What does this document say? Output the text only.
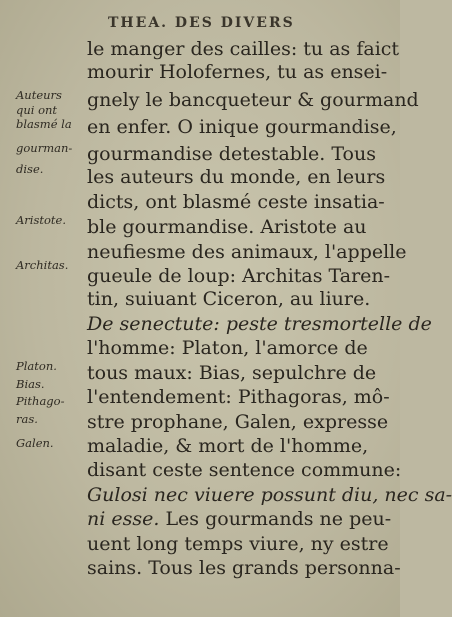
THEA. DES DIVERS
le manger des cailles: tu as faict
mourir Holofernes, tu as ensei-
gnely le bancqueteur & gourmand
en enfer. O inique gourmandise,
gourmandise detestable. Tous
les auteurs du monde, en leurs
dicts, ont blasmé ceste insatia-
ble gourmandise. Aristote au
neufiesme des animaux, l'appelle
gueule de loup: Architas Taren-
tin, suiuant Ciceron, au liure.
De senectute: peste tresmortelle de
l'homme: Platon, l'amorce de
tous maux: Bias, sepulchre de
l'entendement: Pithagoras, mô-
stre prophane, Galen, expresse
maladie, & mort de l'homme,
disant ceste sentence commune:
Gulosi nec viuere possunt diu, nec sa-
ni esse. Les gourmands ne peu-
uent long temps viure, ny estre
sains. Tous les grands personna-
Auteurs
qui ont
blasmé la
gourman-
dise.
Aristote.
Architas.
Platon.
Bias.
Pithago-
ras.
Galen.
